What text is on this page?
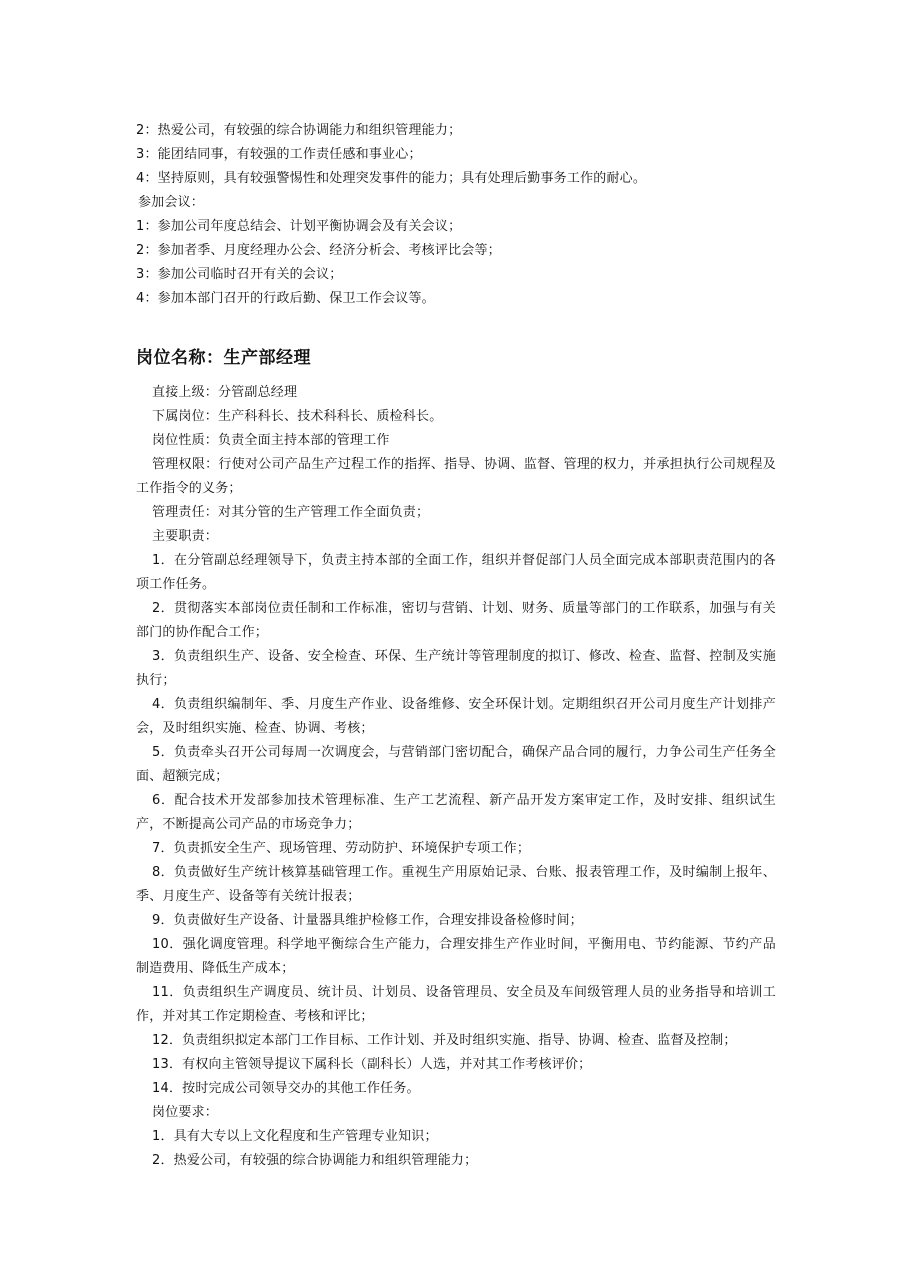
2：热爱公司，有较强的综合协调能力和组织管理能力；
3：能团结同事，有较强的工作责任感和事业心；
4：坚持原则，具有较强警惕性和处理突发事件的能力；具有处理后勤事务工作的耐心。
参加会议：
1：参加公司年度总结会、计划平衡协调会及有关会议；
2：参加者季、月度经理办公会、经济分析会、考核评比会等；
3：参加公司临时召开有关的会议；
4：参加本部门召开的行政后勤、保卫工作会议等。
岗位名称：生产部经理
直接上级：分管副总经理
下属岗位：生产科科长、技术科科长、质检科长。
岗位性质：负责全面主持本部的管理工作
管理权限：行使对公司产品生产过程工作的指挥、指导、协调、监督、管理的权力，并承担执行公司规程及工作指令的义务；
管理责任：对其分管的生产管理工作全面负责；
主要职责：
1．在分管副总经理领导下，负责主持本部的全面工作，组织并督促部门人员全面完成本部职责范围内的各项工作任务。
2．贯彻落实本部岗位责任制和工作标准，密切与营销、计划、财务、质量等部门的工作联系，加强与有关部门的协作配合工作；
3．负责组织生产、设备、安全检查、环保、生产统计等管理制度的拟订、修改、检查、监督、控制及实施执行；
4．负责组织编制年、季、月度生产作业、设备维修、安全环保计划。定期组织召开公司月度生产计划排产会，及时组织实施、检查、协调、考核；
5．负责牵头召开公司每周一次调度会，与营销部门密切配合，确保产品合同的履行，力争公司生产任务全面、超额完成；
6．配合技术开发部参加技术管理标准、生产工艺流程、新产品开发方案审定工作，及时安排、组织试生产，不断提高公司产品的市场竞争力；
7．负责抓安全生产、现场管理、劳动防护、环境保护专项工作；
8．负责做好生产统计核算基础管理工作。重视生产用原始记录、台账、报表管理工作，及时编制上报年、季、月度生产、设备等有关统计报表；
9．负责做好生产设备、计量器具维护检修工作，合理安排设备检修时间；
10．强化调度管理。科学地平衡综合生产能力，合理安排生产作业时间，平衡用电、节约能源、节约产品制造费用、降低生产成本；
11．负责组织生产调度员、统计员、计划员、设备管理员、安全员及车间级管理人员的业务指导和培训工作，并对其工作定期检查、考核和评比；
12．负责组织拟定本部门工作目标、工作计划、并及时组织实施、指导、协调、检查、监督及控制；
13．有权向主管领导提议下属科长（副科长）人选，并对其工作考核评价；
14．按时完成公司领导交办的其他工作任务。
岗位要求：
1．具有大专以上文化程度和生产管理专业知识；
2．热爱公司，有较强的综合协调能力和组织管理能力；
